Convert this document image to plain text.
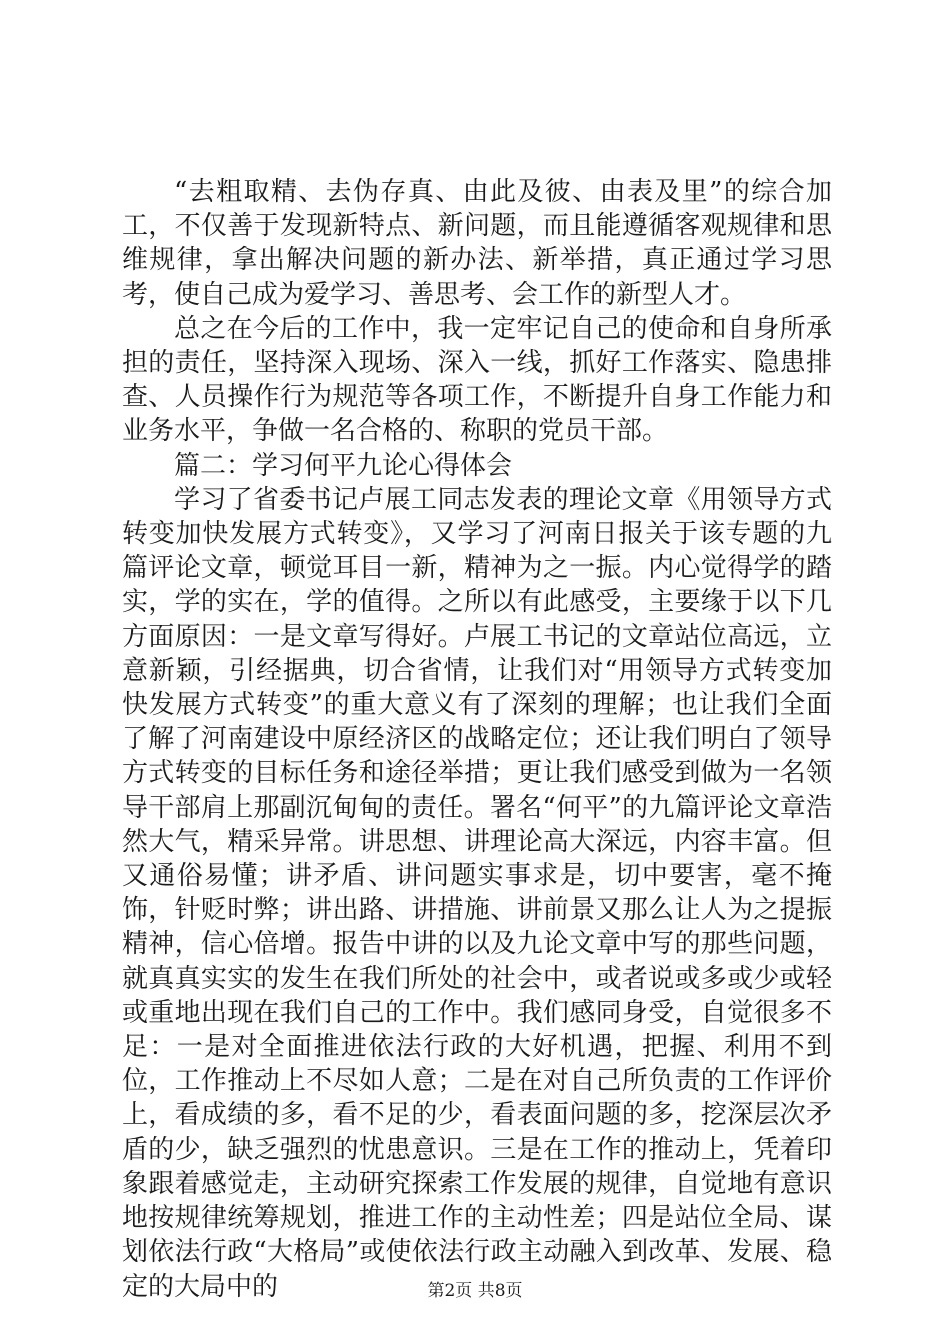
“去粗取精、去伪存真、由此及彼、由表及里”的综合加工，不仅善于发现新特点、新问题，而且能遵循客观规律和思维规律，拿出解决问题的新办法、新举措，真正通过学习思考，使自己成为爱学习、善思考、会工作的新型人才。

总之在今后的工作中，我一定牢记自己的使命和自身所承担的责任，坚持深入现场、深入一线，抓好工作落实、隐患排查、人员操作行为规范等各项工作，不断提升自身工作能力和业务水平，争做一名合格的、称职的党员干部。

篇二：学习何平九论心得体会

学习了省委书记卢展工同志发表的理论文章《用领导方式转变加快发展方式转变》，又学习了河南日报关于该专题的九篇评论文章，顿觉耳目一新，精神为之一振。内心觉得学的踏实，学的实在，学的值得。之所以有此感受，主要缘于以下几方面原因：一是文章写得好。卢展工书记的文章站位高远，立意新颖，引经据典，切合省情，让我们对“用领导方式转变加快发展方式转变”的重大意义有了深刻的理解；也让我们全面了解了河南建设中原经济区的战略定位；还让我们明白了领导方式转变的目标任务和途径举措；更让我们感受到做为一名领导干部肩上那副沉甸甸的责任。署名“何平”的九篇评论文章浩然大气，精采异常。讲思想、讲理论高大深远，内容丰富。但又通俗易懂；讲矛盾、讲问题实事求是，切中要害，毫不掩饰，针贬时弊；讲出路、讲措施、讲前景又那么让人为之提振精神，信心倍增。报告中讲的以及九论文章中写的那些问题，就真真实实的发生在我们所处的社会中，或者说或多或少或轻或重地出现在我们自己的工作中。我们感同身受，自觉很多不足：一是对全面推进依法行政的大好机遇，把握、利用不到位，工作推动上不尽如人意；二是在对自己所负责的工作评价上，看成绩的多，看不足的少，看表面问题的多，挖深层次矛盾的少，缺乏强烈的忧患意识。三是在工作的推动上，凭着印象跟着感觉走，主动研究探索工作发展的规律，自觉地有意识地按规律统筹规划，推进工作的主动性差；四是站位全局、谋划依法行政“大格局”或使依法行政主动融入到改革、发展、稳定的大局中的	第2页 共8页
